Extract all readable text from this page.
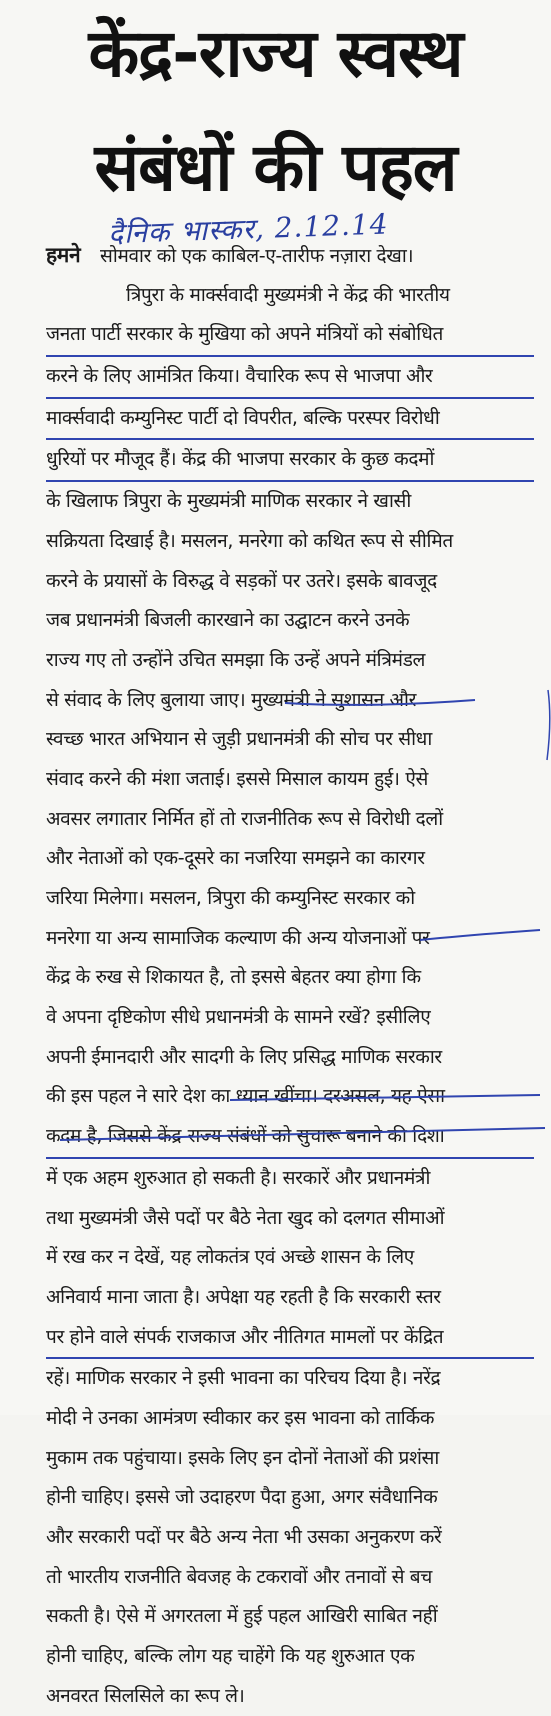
केंद्र-राज्य स्वस्थ
संबंधों की पहल
दैनिक भास्कर, 2.12.14
हमने सोमवार को एक काबिल-ए-तारीफ नज़ारा देखा।
त्रिपुरा के मार्क्सवादी मुख्यमंत्री ने केंद्र की भारतीय
जनता पार्टी सरकार के मुखिया को अपने मंत्रियों को संबोधित
करने के लिए आमंत्रित किया। वैचारिक रूप से भाजपा और
मार्क्सवादी कम्युनिस्ट पार्टी दो विपरीत, बल्कि परस्पर विरोधी
धुरियों पर मौजूद हैं। केंद्र की भाजपा सरकार के कुछ कदमों
के खिलाफ त्रिपुरा के मुख्यमंत्री माणिक सरकार ने खासी
सक्रियता दिखाई है। मसलन, मनरेगा को कथित रूप से सीमित
करने के प्रयासों के विरुद्ध वे सड़कों पर उतरे। इसके बावजूद
जब प्रधानमंत्री बिजली कारखाने का उद्घाटन करने उनके
राज्य गए तो उन्होंने उचित समझा कि उन्हें अपने मंत्रिमंडल
से संवाद के लिए बुलाया जाए। मुख्यमंत्री ने सुशासन और
स्वच्छ भारत अभियान से जुड़ी प्रधानमंत्री की सोच पर सीधा
संवाद करने की मंशा जताई। इससे मिसाल कायम हुई। ऐसे
अवसर लगातार निर्मित हों तो राजनीतिक रूप से विरोधी दलों
और नेताओं को एक-दूसरे का नजरिया समझने का कारगर
जरिया मिलेगा। मसलन, त्रिपुरा की कम्युनिस्ट सरकार को
मनरेगा या अन्य सामाजिक कल्याण की अन्य योजनाओं पर
केंद्र के रुख से शिकायत है, तो इससे बेहतर क्या होगा कि
वे अपना दृष्टिकोण सीधे प्रधानमंत्री के सामने रखें? इसीलिए
अपनी ईमानदारी और सादगी के लिए प्रसिद्ध माणिक सरकार
की इस पहल ने सारे देश का ध्यान खींचा। दरअसल, यह ऐसा
कदम है, जिससे केंद्र-राज्य संबंधों को सुचारू बनाने की दिशा
में एक अहम शुरुआत हो सकती है। सरकारें और प्रधानमंत्री
तथा मुख्यमंत्री जैसे पदों पर बैठे नेता खुद को दलगत सीमाओं
में रख कर न देखें, यह लोकतंत्र एवं अच्छे शासन के लिए
अनिवार्य माना जाता है। अपेक्षा यह रहती है कि सरकारी स्तर
पर होने वाले संपर्क राजकाज और नीतिगत मामलों पर केंद्रित
रहें। माणिक सरकार ने इसी भावना का परिचय दिया है। नरेंद्र
मोदी ने उनका आमंत्रण स्वीकार कर इस भावना को तार्किक
मुकाम तक पहुंचाया। इसके लिए इन दोनों नेताओं की प्रशंसा
होनी चाहिए। इससे जो उदाहरण पैदा हुआ, अगर संवैधानिक
और सरकारी पदों पर बैठे अन्य नेता भी उसका अनुकरण करें
तो भारतीय राजनीति बेवजह के टकरावों और तनावों से बच
सकती है। ऐसे में अगरतला में हुई पहल आखिरी साबित नहीं
होनी चाहिए, बल्कि लोग यह चाहेंगे कि यह शुरुआत एक
अनवरत सिलसिले का रूप ले।
